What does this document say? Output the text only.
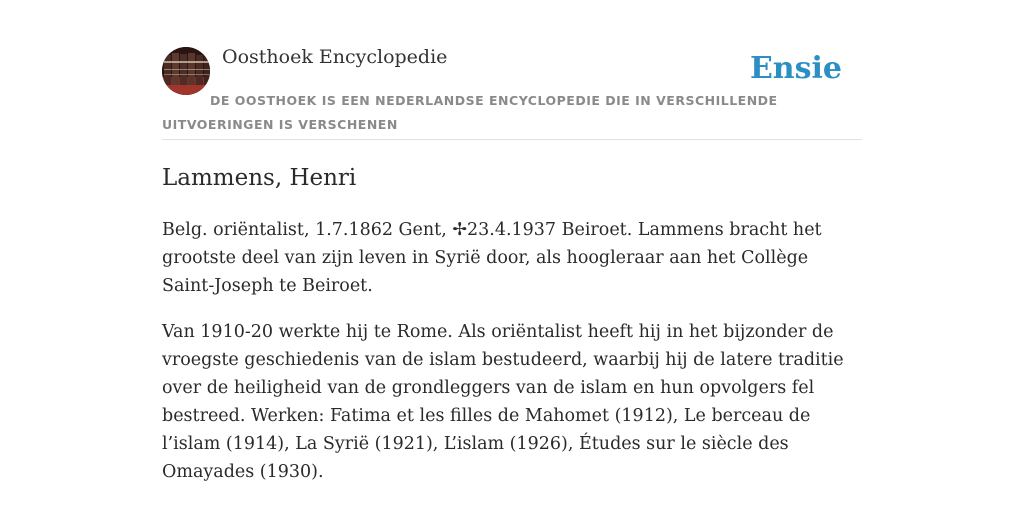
Oosthoek Encyclopedie	Ensie
DE OOSTHOEK IS EEN NEDERLANDSE ENCYCLOPEDIE DIE IN VERSCHILLENDE UITVOERINGEN IS VERSCHENEN
Lammens, Henri

Belg. oriëntalist, 1.7.1862 Gent, ✢23.4.1937 Beiroet. Lammens bracht het grootste deel van zijn leven in Syrië door, als hoogleraar aan het Collège Saint-Joseph te Beiroet.

Van 1910-20 werkte hij te Rome. Als oriëntalist heeft hij in het bijzonder de vroegste geschiedenis van de islam bestudeerd, waarbij hij de latere traditie over de heiligheid van de grondleggers van de islam en hun opvolgers fel bestreed. Werken: Fatima et les filles de Mahomet (1912), Le berceau de l’islam (1914), La Syrië (1921), L’islam (1926), Études sur le siècle des Omayades (1930).
